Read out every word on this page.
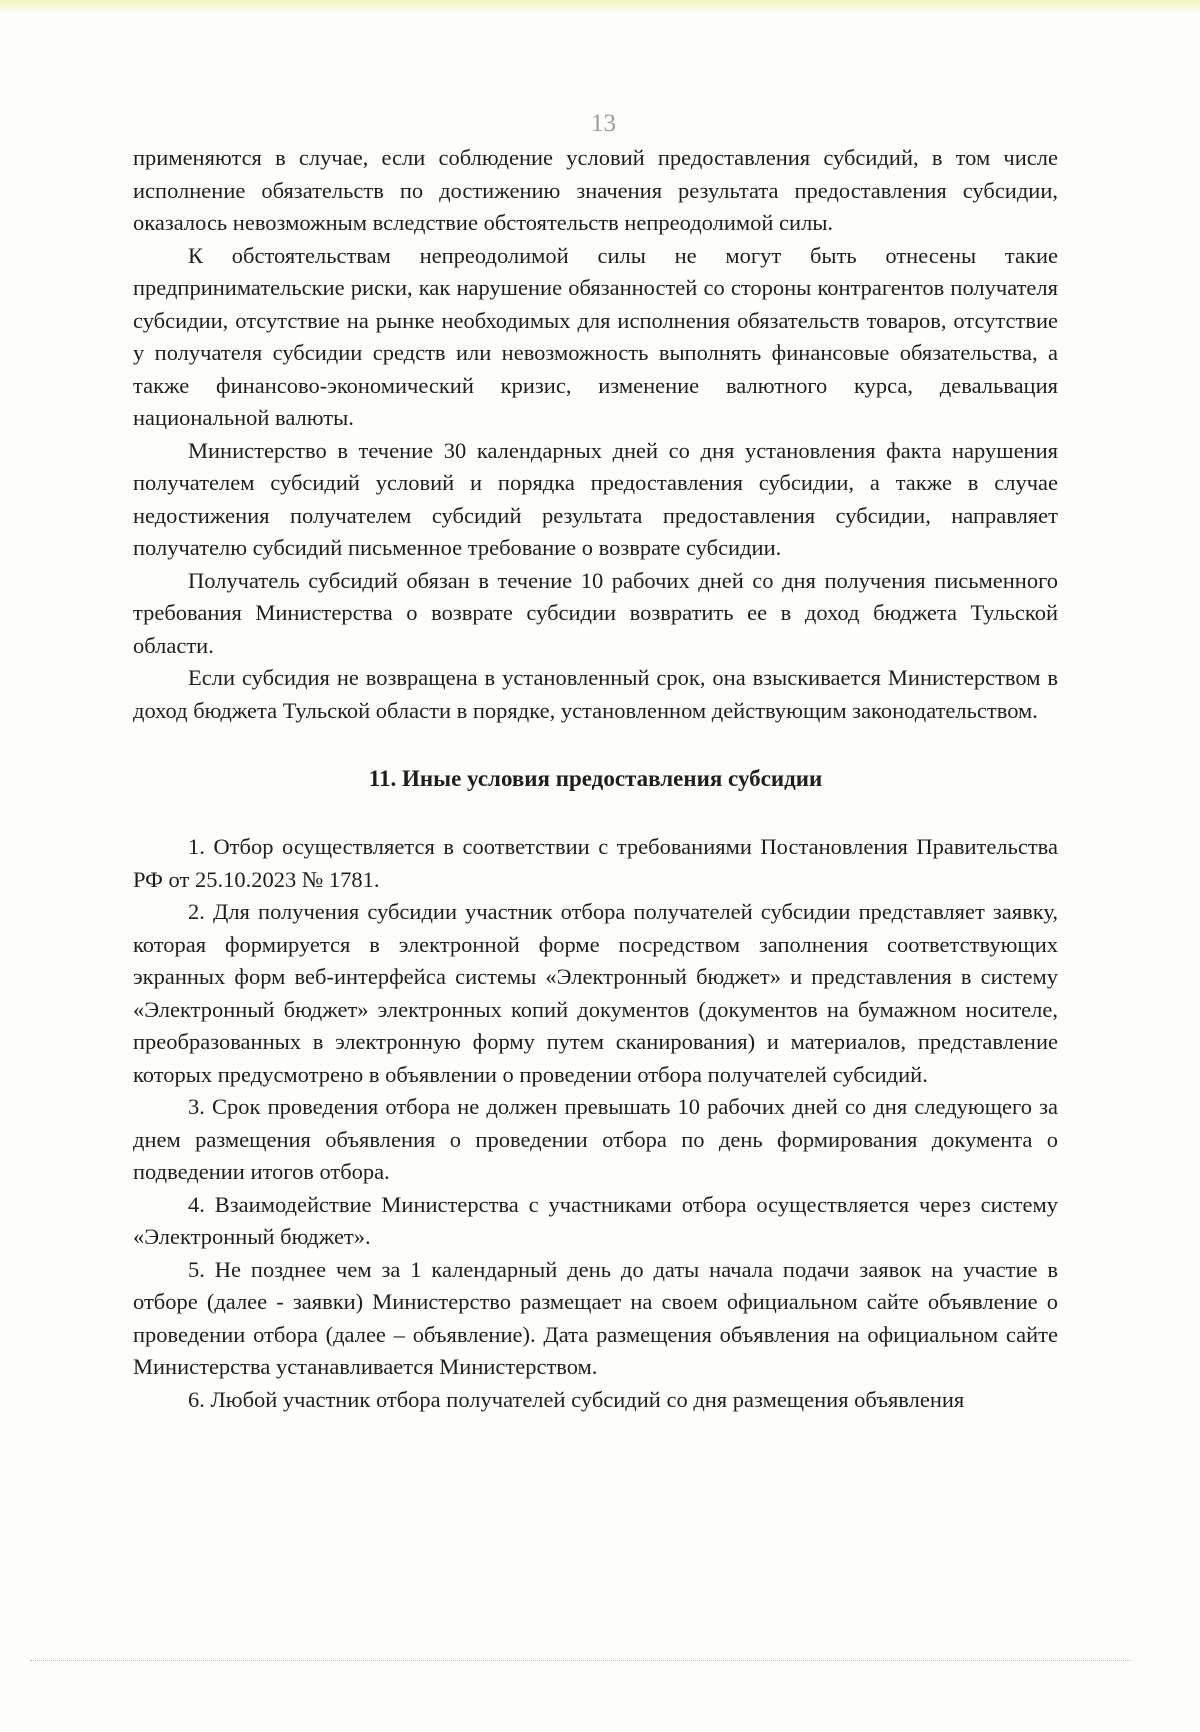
13

применяются в случае, если соблюдение условий предоставления субсидий, в том числе исполнение обязательств по достижению значения результата предоставления субсидии, оказалось невозможным вследствие обстоятельств непреодолимой силы.

К обстоятельствам непреодолимой силы не могут быть отнесены такие предпринимательские риски, как нарушение обязанностей со стороны контрагентов получателя субсидии, отсутствие на рынке необходимых для исполнения обязательств товаров, отсутствие у получателя субсидии средств или невозможность выполнять финансовые обязательства, а также финансово-экономический кризис, изменение валютного курса, девальвация национальной валюты.

Министерство в течение 30 календарных дней со дня установления факта нарушения получателем субсидий условий и порядка предоставления субсидии, а также в случае недостижения получателем субсидий результата предоставления субсидии, направляет получателю субсидий письменное требование о возврате субсидии.

Получатель субсидий обязан в течение 10 рабочих дней со дня получения письменного требования Министерства о возврате субсидии возвратить ее в доход бюджета Тульской области.

Если субсидия не возвращена в установленный срок, она взыскивается Министерством в доход бюджета Тульской области в порядке, установленном действующим законодательством.

11. Иные условия предоставления субсидии

1. Отбор осуществляется в соответствии с требованиями Постановления Правительства РФ от 25.10.2023 № 1781.

2. Для получения субсидии участник отбора получателей субсидии представляет заявку, которая формируется в электронной форме посредством заполнения соответствующих экранных форм веб-интерфейса системы «Электронный бюджет» и представления в систему «Электронный бюджет» электронных копий документов (документов на бумажном носителе, преобразованных в электронную форму путем сканирования) и материалов, представление которых предусмотрено в объявлении о проведении отбора получателей субсидий.

3. Срок проведения отбора не должен превышать 10 рабочих дней со дня следующего за днем размещения объявления о проведении отбора по день формирования документа о подведении итогов отбора.

4. Взаимодействие Министерства с участниками отбора осуществляется через систему «Электронный бюджет».

5. Не позднее чем за 1 календарный день до даты начала подачи заявок на участие в отборе (далее - заявки) Министерство размещает на своем официальном сайте объявление о проведении отбора (далее – объявление). Дата размещения объявления на официальном сайте Министерства устанавливается Министерством.

6. Любой участник отбора получателей субсидий со дня размещения объявления
